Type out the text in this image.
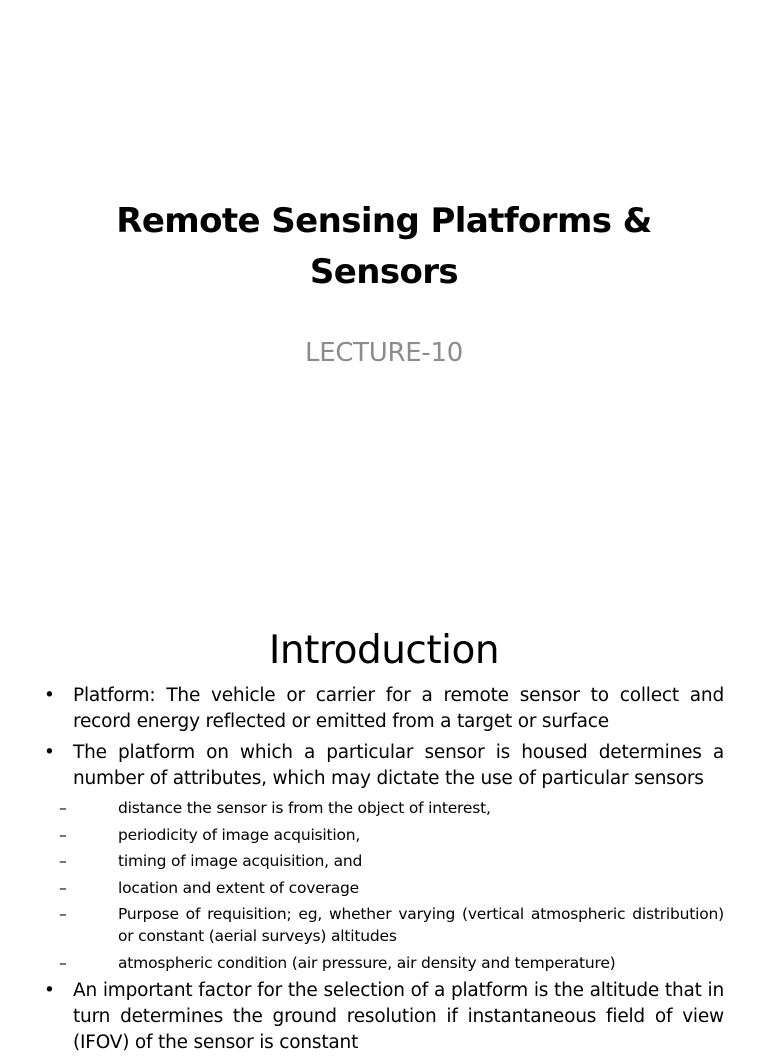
Remote Sensing Platforms & Sensors
LECTURE-10
Introduction
• Platform: The vehicle or carrier for a remote sensor to collect and record energy reflected or emitted from a target or surface
• The platform on which a particular sensor is housed determines a number of attributes, which may dictate the use of particular sensors
–	distance the sensor is from the object of interest,
–	periodicity of image acquisition,
–	timing of image acquisition, and
–	location and extent of coverage
–	Purpose of requisition; eg, whether varying (vertical atmospheric distribution) or constant (aerial surveys) altitudes
–	atmospheric condition (air pressure, air density and temperature)
• An important factor for the selection of a platform is the altitude that in turn determines the ground resolution if instantaneous field of view (IFOV) of the sensor is constant
